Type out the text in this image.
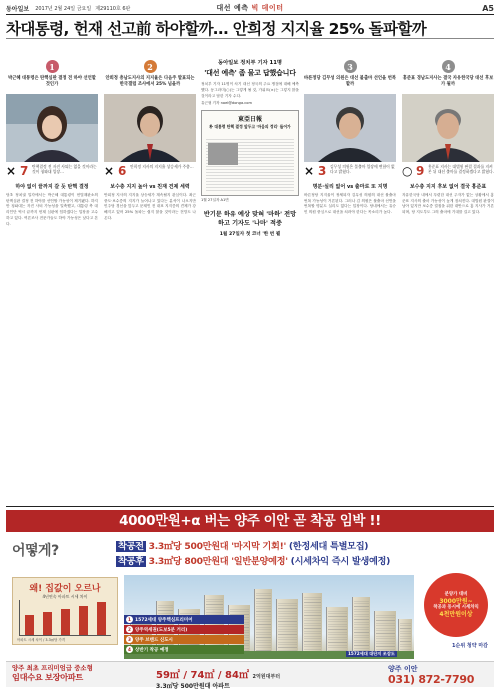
동아일보 2017년 2월 24일 금요일 제29110호 6판	대선 예측 빅 데이터	A5
차대통령, 헌재 선고前 하야할까… 안희정 지지율 25% 돌파할까
1
박근혜 대통령은 탄핵심판 결정 전 하야 선언할 것인가
× 7 탄핵결정 전 자진 사퇴는 없을 것이라는 것이 청와대 입장…
하야 없이 끝까지 갈 듯 탄핵 결정
당초 정치권 일각에서는 박근혜 대통령이 헌법재판소의 탄핵심판 결정 전 하야를 선언할 가능성이 제기됐다. 하지만 청와대는 자진 사퇴 가능성을 일축했고, 대통령 측 대리인단 역시 끝까지 헌재 심판에 임하겠다는 입장을 고수하고 있다. 여론조사 전문가들도 하야 가능성은 낮다고 본다.
2
안희정 충남도지사의 지지율은 다음주 발표되는 한국갤럽 조사에서 25% 넘을까
× 6 안희정 지사의 지지율 상승세가 주춤…
보수층 지지 높아 vs 친재 견제 세력
안희정 지사의 지지율 상승세가 계속될지 관심이다. 최근 중도·보수층의 지지가 늘어나고 있다는 분석이 나오지만 민주당 경선을 앞두고 문재인 전 대표 지지층의 견제가 강해지고 있어 25% 돌파는 쉽지 않을 것이라는 전망도 나온다.
동아일보 정치부 기자 11명
'대선 예측' 좀 물고 답했습니다
정치부 기자 11명이 차기 대선 정국의 주요 쟁점에 대해 예측했다. 동그라미(○)는 그렇게 될 것, 가위표(×)는 그렇지 않을 것이라고 답한 기자 수다.
유근형 기자 noel@donga.com
東亞日報
朴 대통령 탄핵 결정 앞두고 '마음의 정리' 들어가
1월 27일자 A1면
반기문 하유 예상 맞혀 '마하' 전망하고 기자도 '나마' 적중
1월 27일자 첫 코너 '한 번 뵐
3
바른정당 김무성 의원은 대선 불출마 선언을 번복할까
× 3 김무성 의원은 불출마 입장에 변함이 없다고 밝혔다.
명분·실리 없어 vs 출마로 또 지명
바른정당 지지율이 정체되자 김무성 의원의 대선 불출마 번복 가능성이 거론된다. 그러나 김 의원은 불출마 선언을 번복할 명분도 실리도 없다는 입장이다. 당내에서는 유승민 의원 중심으로 대선을 치러야 한다는 목소리가 높다.
4
홍준표 경남도지사는 결국 자유한국당 대선 후보가 될까
○ 9 홍준표 지사는 대법원 판결 결과를 지켜본 뒤 대선 출마를 결정하겠다고 밝혔다.
보수층 지지 후보 없어 결국 홍준표
자유한국당 내에서 뚜렷한 대선 주자가 없는 상황에서 홍준표 지사의 출마 가능성이 높게 점쳐진다. 대법원 판결이 남아 있지만 보수층 결집을 위한 대안으로 홍 지사가 거론되며, 당 지도부도 그의 출마에 기대를 걸고 있다.
4000만원+α 버는 양주 이안 곧 착공 임박 !!
어떻게?	착공전 3.3㎡당 500만원대 '마지막 기회!' (한정세대 특별모집)
착공후 3.3㎡당 800만원대 '일반분양예정' (시세차익 즉시 발생예정)
왜! 집값이 오르나
4년연속 아파트 시세 차이
아파트 시세 차이 / 3.3㎡당 가격
1572세대 대단지 조감도
1 1572세대 양주핵심프리미어
2 양주역세권(도보5분 거리)
3 양주 브랜드 신도시
4 상반기 착공 예정
분양가 대비
3000만원~
착공과 동시에 시세차익
4천만원이상
1순위 청약 마감
양주 최초 프리미엄급 중소형
임대수요 보장아파트	59㎡ / 74㎡ / 84㎡ 2억원대부터
3.3㎡당 500만원대 아파트
양주 이안
031) 872-7790
